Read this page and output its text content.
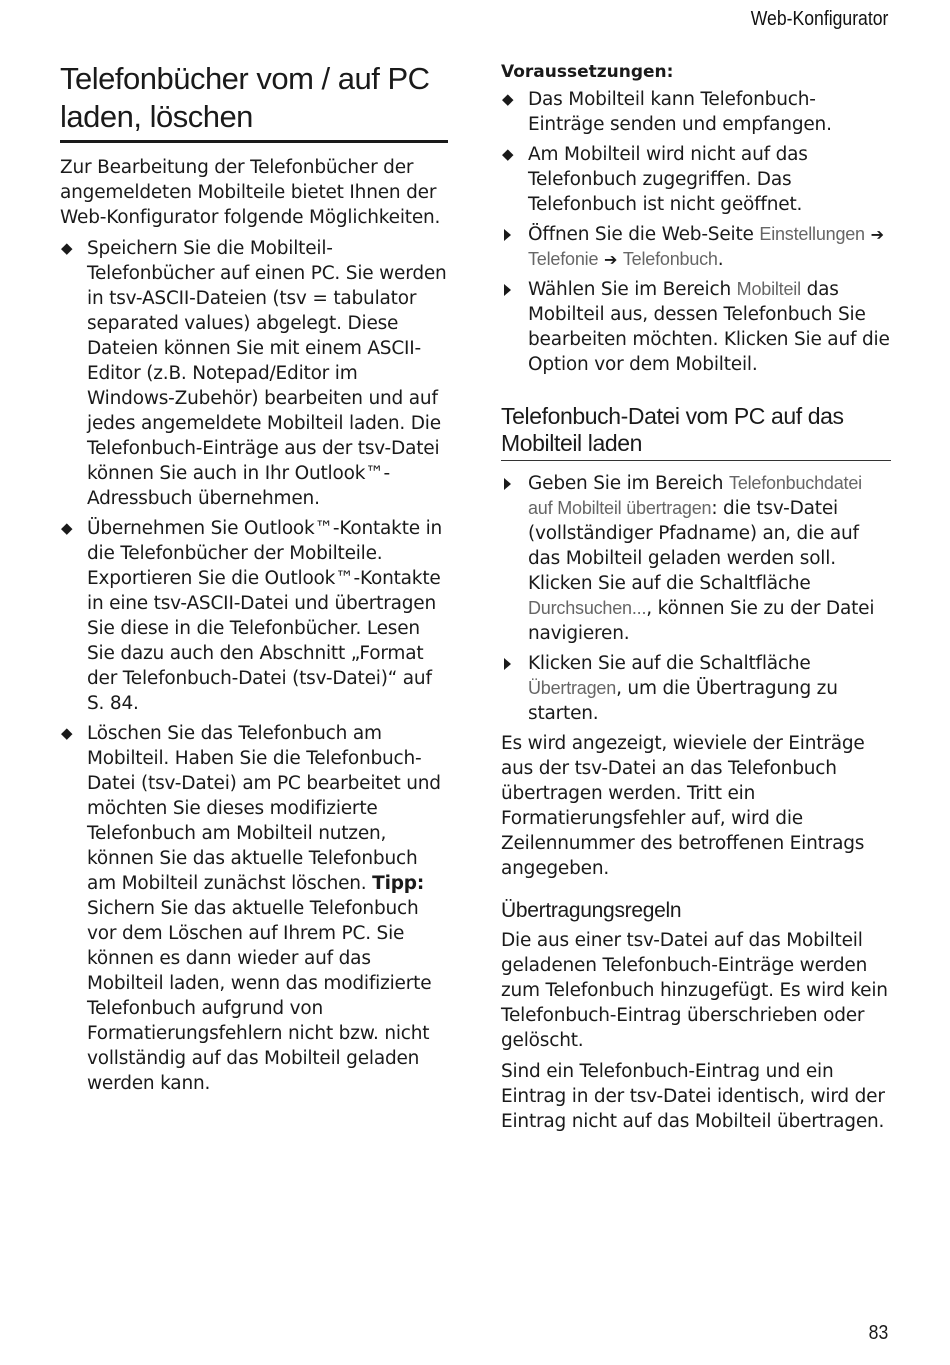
Web-Konfigurator
Telefonbücher vom / auf PC
laden, löschen

Zur Bearbeitung der Telefonbücher der angemeldeten Mobilteile bietet Ihnen der Web-Konfigurator folgende Möglichkeiten.

◆ Speichern Sie die Mobilteil-Telefonbücher auf einen PC. Sie werden in tsv-ASCII-Dateien (tsv = tabulator separated values) abgelegt. Diese Dateien können Sie mit einem ASCII-Editor (z.B. Notepad/Editor im Windows-Zubehör) bearbeiten und auf jedes angemeldete Mobilteil laden. Die Telefonbuch-Einträge aus der tsv-Datei können Sie auch in Ihr Outlook™-Adressbuch übernehmen.
◆ Übernehmen Sie Outlook™-Kontakte in die Telefonbücher der Mobilteile. Exportieren Sie die Outlook™-Kontakte in eine tsv-ASCII-Datei und übertragen Sie diese in die Telefonbücher. Lesen Sie dazu auch den Abschnitt „Format der Telefonbuch-Datei (tsv-Datei)“ auf S. 84.
◆ Löschen Sie das Telefonbuch am Mobilteil. Haben Sie die Telefonbuch-Datei (tsv-Datei) am PC bearbeitet und möchten Sie dieses modifizierte Telefonbuch am Mobilteil nutzen, können Sie das aktuelle Telefonbuch am Mobilteil zunächst löschen. Tipp: Sichern Sie das aktuelle Telefonbuch vor dem Löschen auf Ihrem PC. Sie können es dann wieder auf das Mobilteil laden, wenn das modifizierte Telefonbuch aufgrund von Formatierungsfehlern nicht bzw. nicht vollständig auf das Mobilteil geladen werden kann.
Voraussetzungen:
◆ Das Mobilteil kann Telefonbuch-Einträge senden und empfangen.
◆ Am Mobilteil wird nicht auf das Telefonbuch zugegriffen. Das Telefonbuch ist nicht geöffnet.
Öffnen Sie die Web-Seite Einstellungen ➔ Telefonie ➔ Telefonbuch.
Wählen Sie im Bereich Mobilteil das Mobilteil aus, dessen Telefonbuch Sie bearbeiten möchten. Klicken Sie auf die Option vor dem Mobilteil.
Telefonbuch-Datei vom PC auf das Mobilteil laden
Geben Sie im Bereich Telefonbuchdatei auf Mobilteil übertragen: die tsv-Datei (vollständiger Pfadname) an, die auf das Mobilteil geladen werden soll. Klicken Sie auf die Schaltfläche Durchsuchen..., können Sie zu der Datei navigieren.
Klicken Sie auf die Schaltfläche Übertragen, um die Übertragung zu starten.

Es wird angezeigt, wieviele der Einträge aus der tsv-Datei an das Telefonbuch übertragen werden. Tritt ein Formatierungsfehler auf, wird die Zeilennummer des betroffenen Eintrags angegeben.

Übertragungsregeln

Die aus einer tsv-Datei auf das Mobilteil geladenen Telefonbuch-Einträge werden zum Telefonbuch hinzugefügt. Es wird kein Telefonbuch-Eintrag überschrieben oder gelöscht.

Sind ein Telefonbuch-Eintrag und ein Eintrag in der tsv-Datei identisch, wird der Eintrag nicht auf das Mobilteil übertragen.

83
